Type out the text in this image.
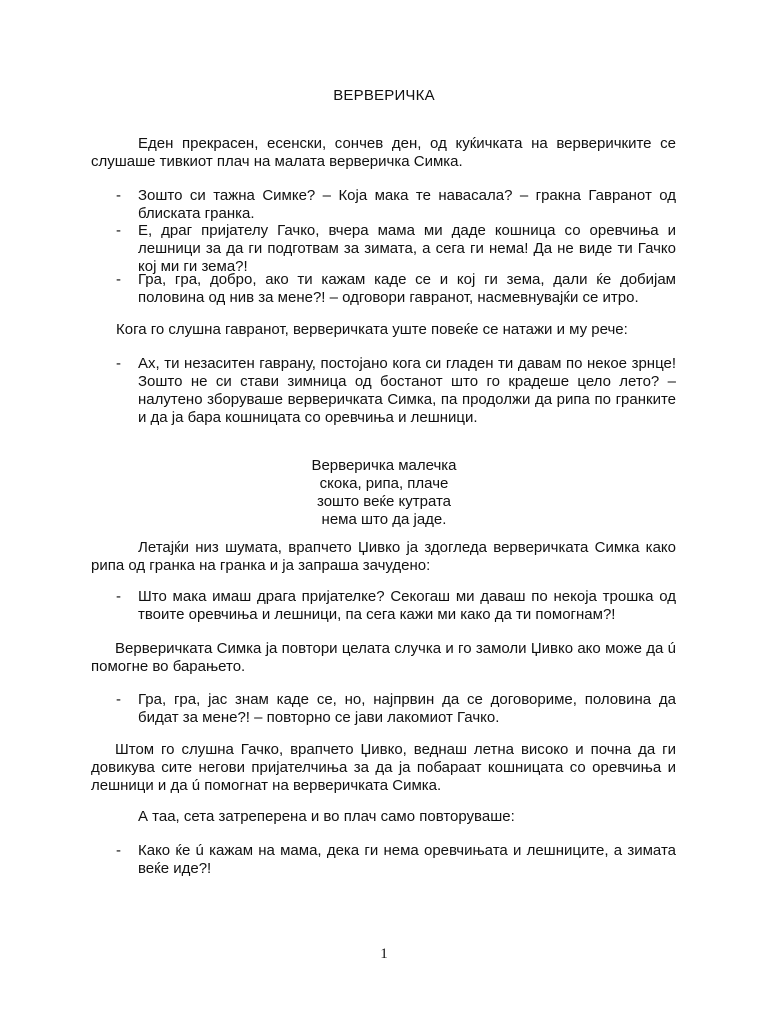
ВЕРВЕРИЧКА
Еден прекрасен, есенски, сончев ден, од куќичката на верверичките се слушаше тивкиот плач на малата верверичка Симка.
- Зошто си тажна Симке? – Која мака те навасала? – гракна Гавранот од блиската гранка.
- Е, драг пријателу Гачко, вчера мама ми даде кошница со оревчиња и лешници за да ги подготвам за зимата, а сега ги нема! Да не виде ти Гачко кој ми ги зема?!
- Гра, гра, добро, ако ти кажам каде се и кој ги зема, дали ќе добијам половина од нив за мене?! – одговори гавранот, насмевнувајќи се итро.
Кога го слушна гавранот, верверичката уште повеќе се натажи и му рече:
- Ах, ти незаситен гаврану, постојано кога си гладен ти давам по некое зрнце! Зошто не си стави зимница од бостанот што го крадеше цело лето? – налутено зборуваше верверичката Симка, па продолжи да рипа по гранките и да ја бара кошницата со оревчиња и лешници.
Верверичка малечка
скока, рипа, плаче
зошто веќе кутрата
нема што да јаде.
Летајќи низ шумата, врапчето Џивко ја здогледа верверичката Симка како рипа од гранка на гранка и ја запраша зачудено:
- Што мака имаш драга пријателке? Секогаш ми даваш по некоја трошка од твоите оревчиња и лешници, па сега кажи ми како да ти помогнам?!
Верверичката Симка ја повтори целата случка и го замоли Џивко ако може да ú помогне во барањето.
- Гра, гра, јас знам каде се, но, најпрвин да се договориме, половина да бидат за мене?! – повторно се јави лакомиот Гачко.
Штом го слушна Гачко, врапчето Џивко, веднаш летна високо и почна да ги довикува сите негови пријателчиња за да ја побараат кошницата со оревчиња и лешници и да ú помогнат на верверичката Симка.
А таа, сета затреперена и во плач само повторуваше:
- Како ќе ú кажам на мама, дека ги нема оревчињата и лешниците, а зимата веќе иде?!
1
